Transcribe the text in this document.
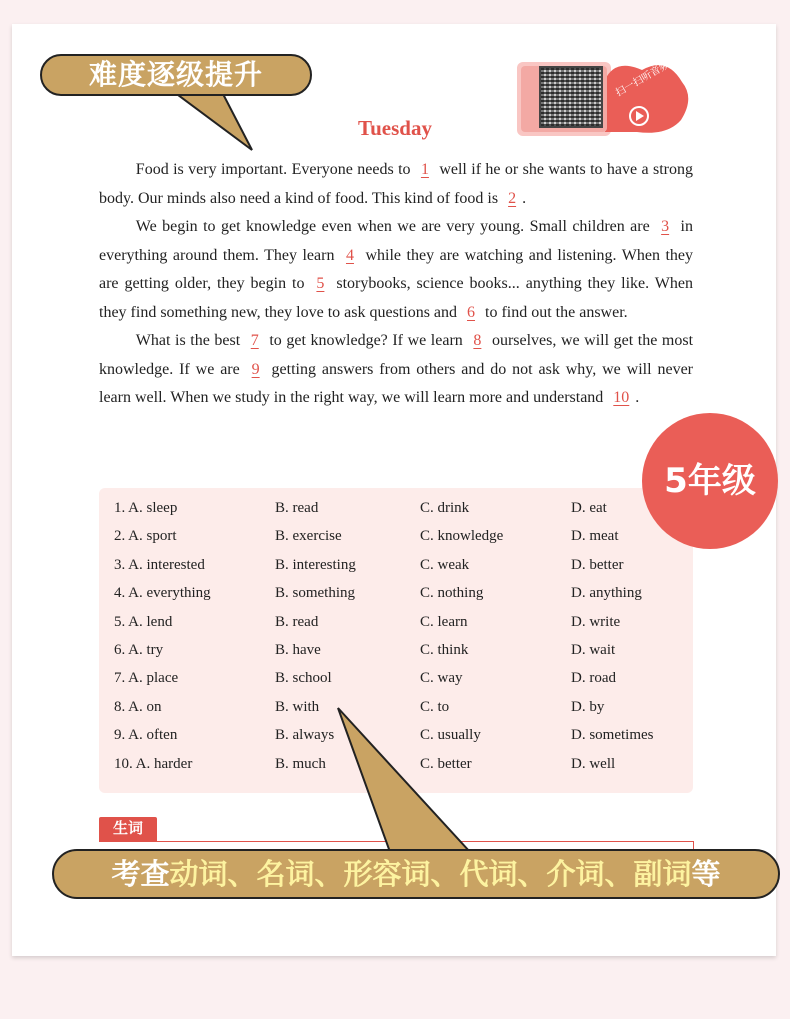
难度逐级提升	扫一扫听音频
Tuesday

Food is very important. Everyone needs to 1 well if he or she wants to have a strong body. Our minds also need a kind of food. This kind of food is 2 .

We begin to get knowledge even when we are very young. Small children are 3 in everything around them. They learn 4 while they are watching and listening. When they are getting older, they begin to 5 storybooks, science books... anything they like. When they find something new, they love to ask questions and 6 to find out the answer.

What is the best 7 to get knowledge? If we learn 8 ourselves, we will get the most knowledge. If we are 9 getting answers from others and do not ask why, we will never learn well. When we study in the right way, we will learn more and understand 10 .

5年级
1. A. sleep	B. read	C. drink	D. eat
2. A. sport	B. exercise	C. knowledge	D. meat
3. A. interested	B. interesting	C. weak	D. better
4. A. everything	B. something	C. nothing	D. anything
5. A. lend	B. read	C. learn	D. write
6. A. try	B. have	C. think	D. wait
7. A. place	B. school	C. way	D. road
8. A. on	B. with	C. to	D. by
9. A. often	B. always	C. usually	D. sometimes
10. A. harder	B. much	C. better	D. well
生词
考查动词、名词、形容词、代词、介词、副词等
